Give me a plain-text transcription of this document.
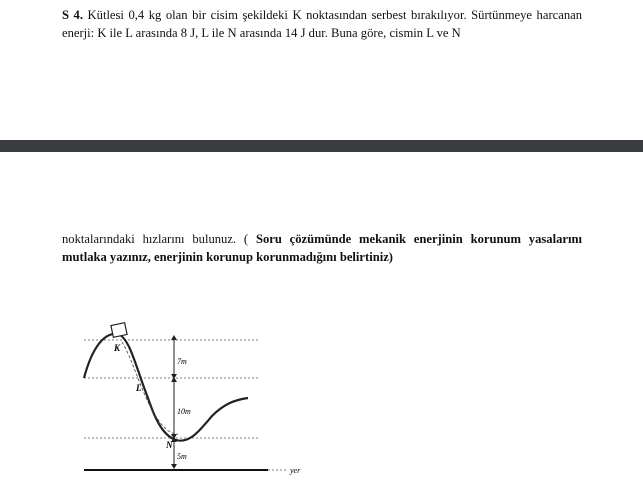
S 4. Kütlesi 0,4 kg olan bir cisim şekildeki K noktasından serbest bırakılıyor. Sürtünmeye harcanan enerji: K ile L arasında 8 J, L ile N arasında 14 J dur. Buna göre, cismin L ve N
noktalarındaki hızlarını bulunuz. ( Soru çözümünde mekanik enerjinin korunum yasalarını mutlaka yazınız, enerjinin korunup korunmadığını belirtiniz)
K
L
N
7m
10m
5m
yer
